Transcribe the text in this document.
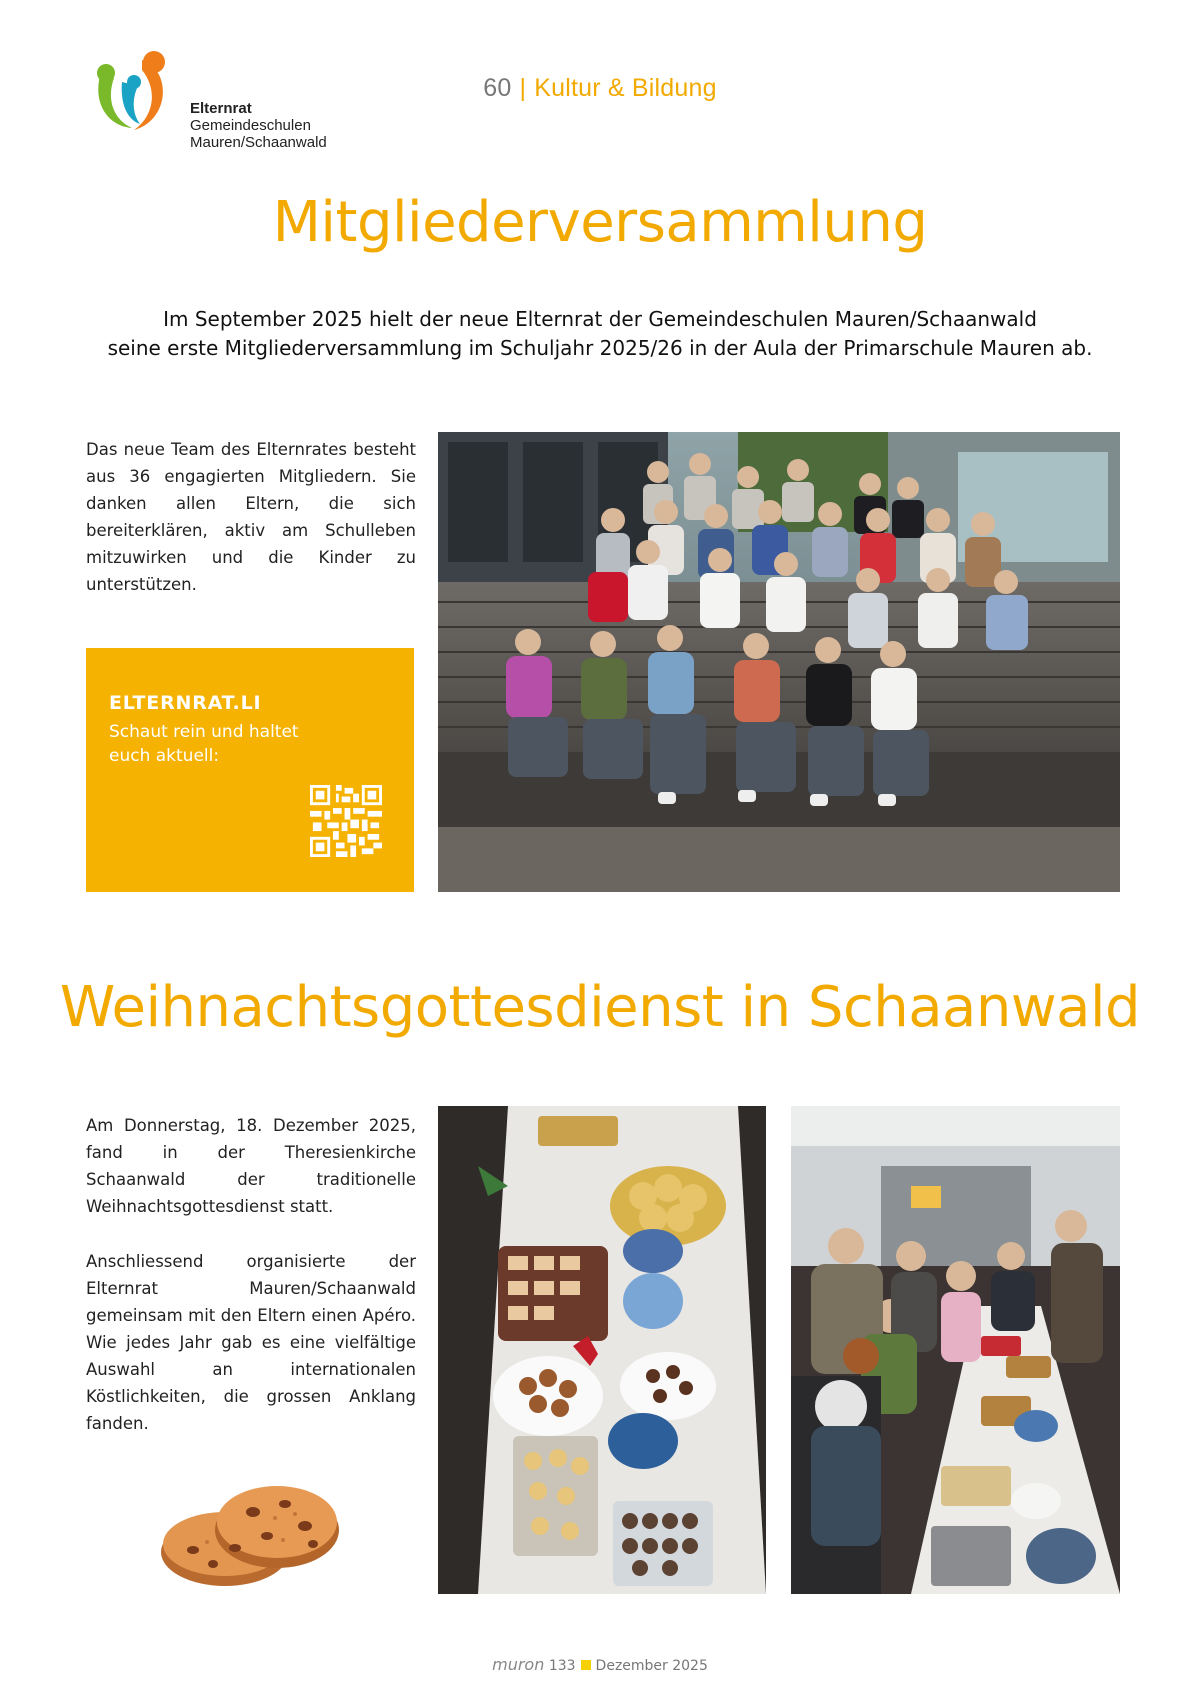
Elternrat
Gemeindeschulen
Mauren/Schaanwald
60 | Kultur & Bildung
Mitgliederversammlung
Im September 2025 hielt der neue Elternrat der Gemeindeschulen Mauren/Schaanwald
seine erste Mitgliederversammlung im Schuljahr 2025/26 in der Aula der Primarschule Mauren ab.

Das neue Team des Elternrates besteht aus 36 engagierten Mitgliedern. Sie danken allen Eltern, die sich bereiterklären, aktiv am Schulleben mitzuwirken und die Kinder zu unterstützen.

ELTERNRAT.LI
Schaut rein und haltet euch aktuell:
Weihnachtsgottesdienst in Schaanwald

Am Donnerstag, 18. Dezember 2025, fand in der Theresienkirche Schaanwald der traditionelle Weihnachtsgottesdienst statt.

Anschliessend organisierte der Elternrat Mauren/Schaanwald gemeinsam mit den Eltern einen Apéro. Wie jedes Jahr gab es eine vielfältige Auswahl an internationalen Köstlichkeiten, die grossen Anklang fanden.

muron 133 Dezember 2025
